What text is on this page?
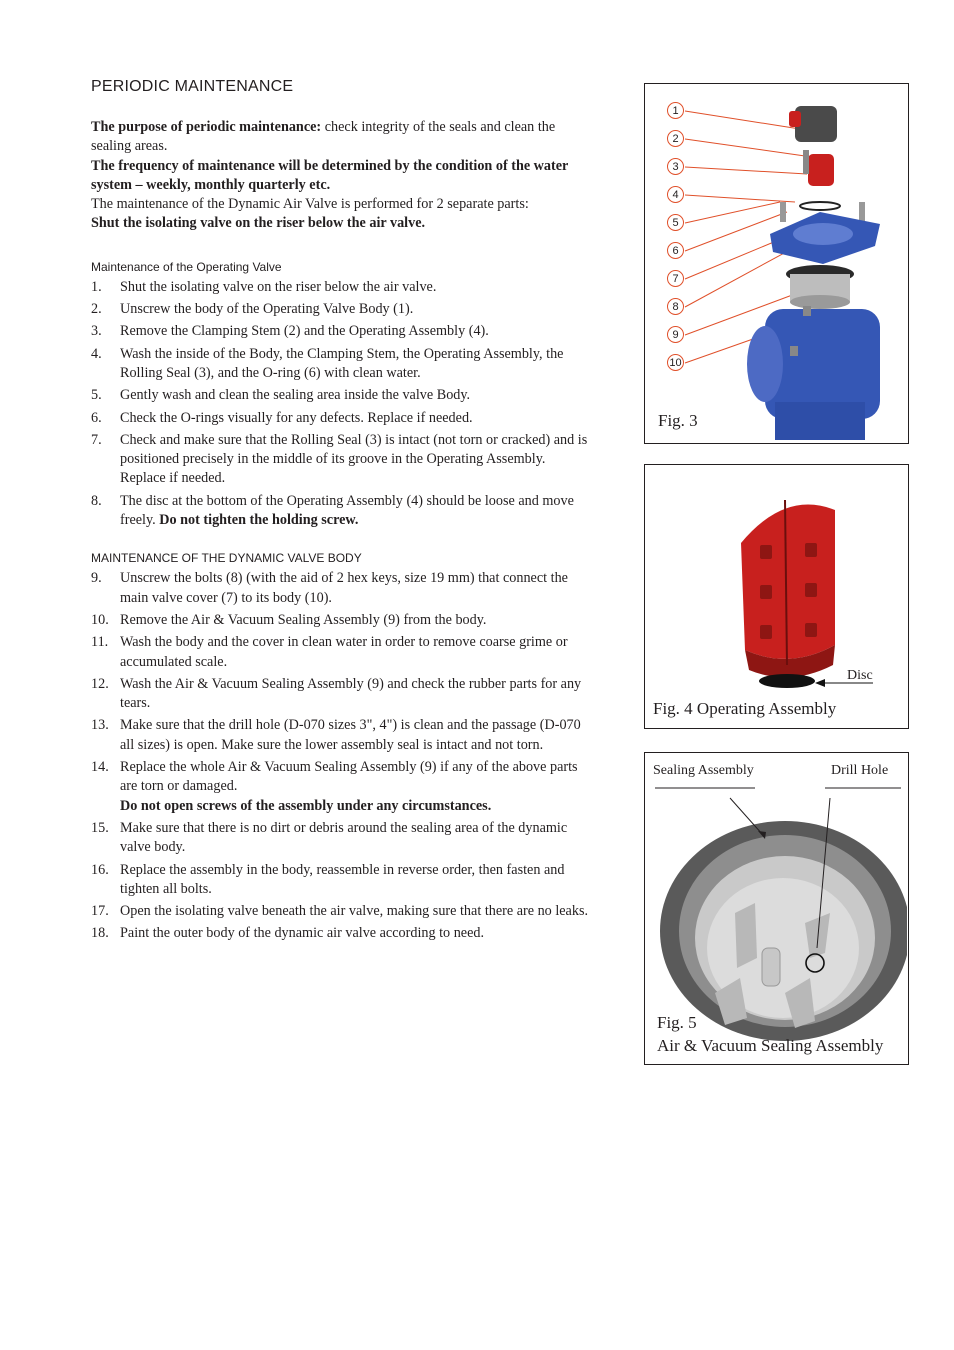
PERIODIC MAINTENANCE

The purpose of periodic maintenance: check integrity of the seals and clean the sealing areas.

The frequency of maintenance will be determined by the condition of the water system – weekly, monthly quarterly etc.

The maintenance of the Dynamic Air Valve is performed for 2 separate parts:

Shut the isolating valve on the riser below the air valve.

Maintenance of the Operating Valve
1. Shut the isolating valve on the riser below the air valve.
2. Unscrew the body of the Operating Valve Body (1).
3. Remove the Clamping Stem (2) and the Operating Assembly (4).
4. Wash the inside of the Body, the Clamping Stem, the Operating Assembly, the Rolling Seal (3), and the O-ring (6) with clean water.
5. Gently wash and clean the sealing area inside the valve Body.
6. Check the O-rings visually for any defects. Replace if needed.
7. Check and make sure that the Rolling Seal (3) is intact (not torn or cracked) and is positioned precisely in the middle of its groove in the Operating Assembly. Replace if needed.
8. The disc at the bottom of the Operating Assembly (4) should be loose and move freely. Do not tighten the holding screw.
MAINTENANCE OF THE DYNAMIC VALVE BODY
9. Unscrew the bolts (8) (with the aid of 2 hex keys, size 19 mm) that connect the main valve cover (7) to its body (10).
10. Remove the Air & Vacuum Sealing Assembly (9) from the body.
11. Wash the body and the cover in clean water in order to remove coarse grime or accumulated scale.
12. Wash the Air & Vacuum Sealing Assembly (9) and check the rubber parts for any tears.
13. Make sure that the drill hole (D-070 sizes 3", 4") is clean and the passage (D-070 all sizes) is open. Make sure the lower assembly seal is intact and not torn.
14. Replace the whole Air & Vacuum Sealing Assembly (9) if any of the above parts are torn or damaged.
Do not open screws of the assembly under any circumstances.
15. Make sure that there is no dirt or debris around the sealing area of the dynamic valve body.
16. Replace the assembly in the body, reassemble in reverse order, then fasten and tighten all bolts.
17. Open the isolating valve beneath the air valve, making sure that there are no leaks.
18. Paint the outer body of the dynamic air valve according to need.
1
2
3
4
5
6
7
8
9
10
Fig. 3
Disc
Fig. 4 Operating Assembly
Sealing Assembly	Drill Hole
Fig. 5
Air & Vacuum Sealing Assembly
